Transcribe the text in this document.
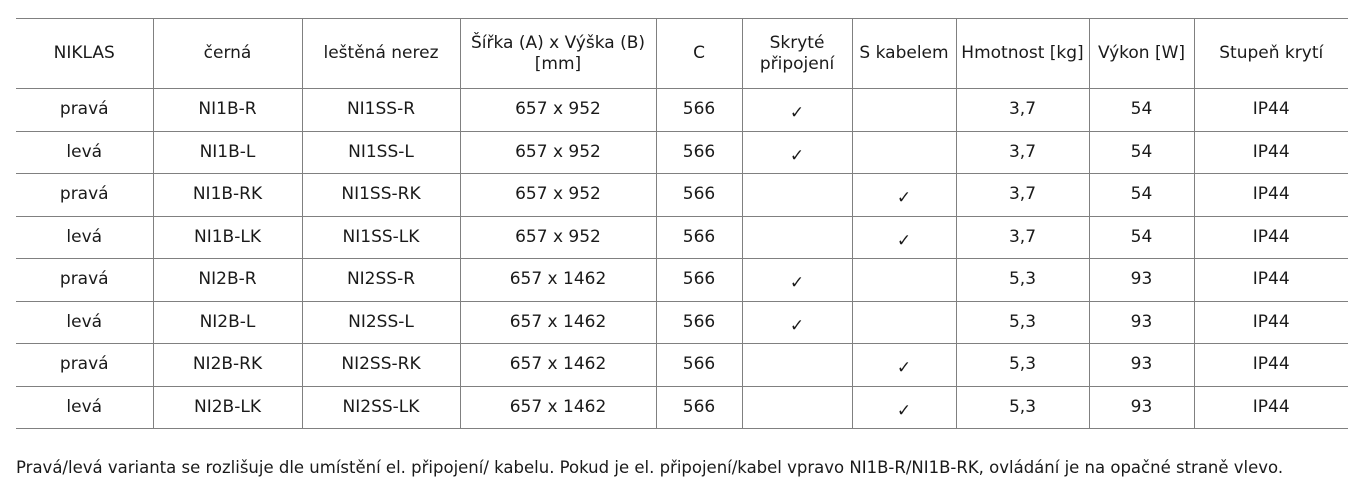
NIKLAS	černá	leštěná nerez	Šířka (A) x Výška (B) [mm]	C	Skryté připojení	S kabelem	Hmotnost [kg]	Výkon [W]	Stupeň krytí
pravá	NI1B-R	NI1SS-R	657 x 952	566	✓		3,7	54	IP44
levá	NI1B-L	NI1SS-L	657 x 952	566	✓		3,7	54	IP44
pravá	NI1B-RK	NI1SS-RK	657 x 952	566		✓	3,7	54	IP44
levá	NI1B-LK	NI1SS-LK	657 x 952	566		✓	3,7	54	IP44
pravá	NI2B-R	NI2SS-R	657 x 1462	566	✓		5,3	93	IP44
levá	NI2B-L	NI2SS-L	657 x 1462	566	✓		5,3	93	IP44
pravá	NI2B-RK	NI2SS-RK	657 x 1462	566		✓	5,3	93	IP44
levá	NI2B-LK	NI2SS-LK	657 x 1462	566		✓	5,3	93	IP44
Pravá/levá varianta se rozlišuje dle umístění el. připojení/ kabelu. Pokud je el. připojení/kabel vpravo NI1B-R/NI1B-RK, ovládání je na opačné straně vlevo.
